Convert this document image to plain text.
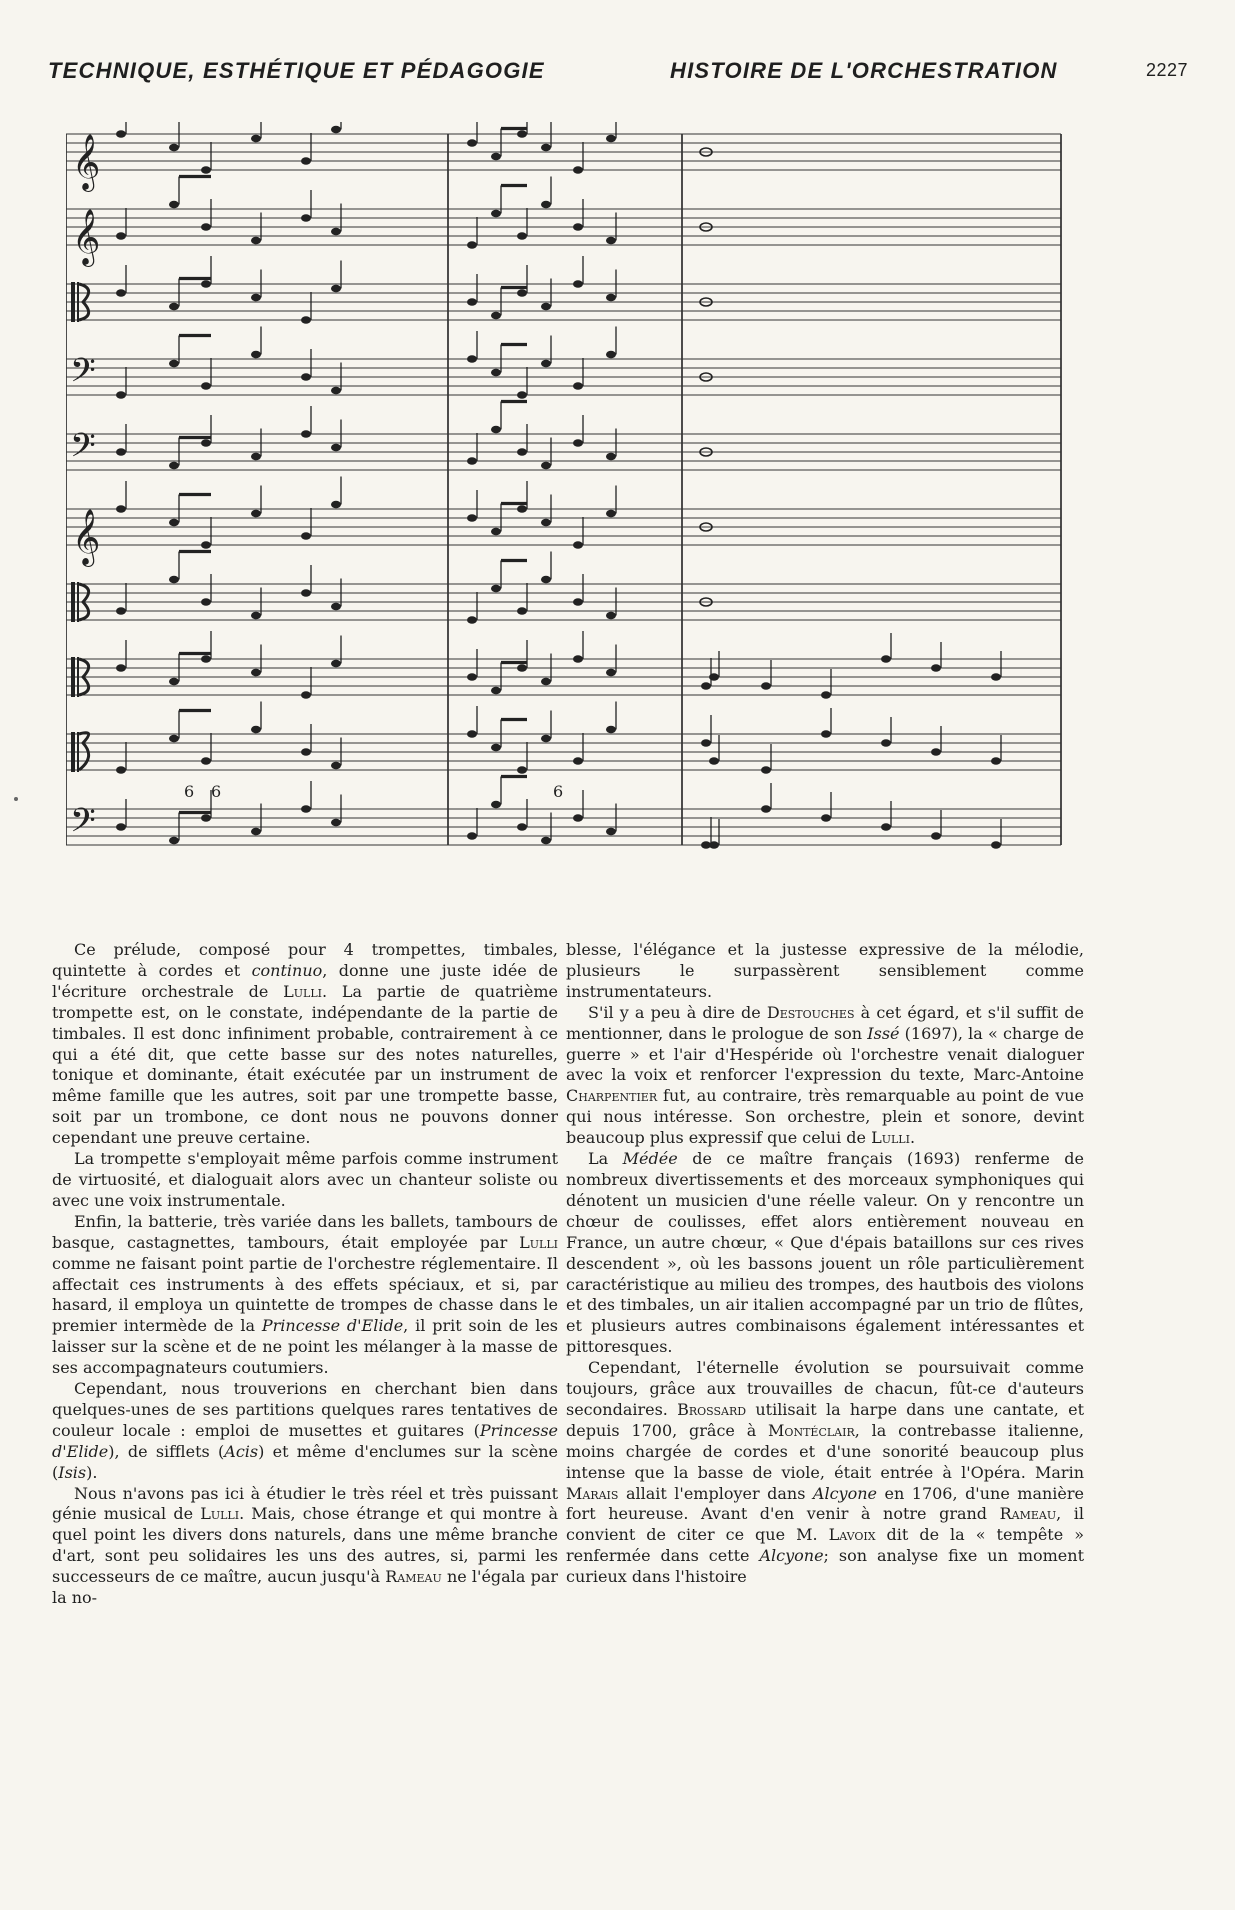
TECHNIQUE, ESTHÉTIQUE ET PÉDAGOGIE	HISTOIRE DE L'ORCHESTRATION	2227
𝄞
𝄞
𝄢
𝄢
𝄞
𝄢
6 6	6

Ce prélude, composé pour 4 trompettes, timbales, quintette à cordes et continuo, donne une juste idée de l'écriture orchestrale de Lulli. La partie de quatrième trompette est, on le constate, indépendante de la partie de timbales. Il est donc infiniment probable, contrairement à ce qui a été dit, que cette basse sur des notes naturelles, tonique et dominante, était exécutée par un instrument de même famille que les autres, soit par une trompette basse, soit par un trombone, ce dont nous ne pouvons donner cependant une preuve certaine.

La trompette s'employait même parfois comme instrument de virtuosité, et dialoguait alors avec un chanteur soliste ou avec une voix instrumentale.

Enfin, la batterie, très variée dans les ballets, tambours de basque, castagnettes, tambours, était employée par Lulli comme ne faisant point partie de l'orchestre réglementaire. Il affectait ces instruments à des effets spéciaux, et si, par hasard, il employa un quintette de trompes de chasse dans le premier intermède de la Princesse d'Elide, il prit soin de les laisser sur la scène et de ne point les mélanger à la masse de ses accompagnateurs coutumiers.

Cependant, nous trouverions en cherchant bien dans quelques-unes de ses partitions quelques rares tentatives de couleur locale : emploi de musettes et guitares (Princesse d'Elide), de sifflets (Acis) et même d'enclumes sur la scène (Isis).

Nous n'avons pas ici à étudier le très réel et très puissant génie musical de Lulli. Mais, chose étrange et qui montre à quel point les divers dons naturels, dans une même branche d'art, sont peu solidaires les uns des autres, si, parmi les successeurs de ce maître, aucun jusqu'à Rameau ne l'égala par la no-

blesse, l'élégance et la justesse expressive de la mélodie, plusieurs le surpassèrent sensiblement comme instrumentateurs.

S'il y a peu à dire de Destouches à cet égard, et s'il suffit de mentionner, dans le prologue de son Issé (1697), la « charge de guerre » et l'air d'Hespéride où l'orchestre venait dialoguer avec la voix et renforcer l'expression du texte, Marc-Antoine Charpentier fut, au contraire, très remarquable au point de vue qui nous intéresse. Son orchestre, plein et sonore, devint beaucoup plus expressif que celui de Lulli.

La Médée de ce maître français (1693) renferme de nombreux divertissements et des morceaux symphoniques qui dénotent un musicien d'une réelle valeur. On y rencontre un chœur de coulisses, effet alors entièrement nouveau en France, un autre chœur, « Que d'épais bataillons sur ces rives descendent », où les bassons jouent un rôle particulièrement caractéristique au milieu des trompes, des hautbois des violons et des timbales, un air italien accompagné par un trio de flûtes, et plusieurs autres combinaisons également intéressantes et pittoresques.

Cependant, l'éternelle évolution se poursuivait comme toujours, grâce aux trouvailles de chacun, fût-ce d'auteurs secondaires. Brossard utilisait la harpe dans une cantate, et depuis 1700, grâce à Montéclair, la contrebasse italienne, moins chargée de cordes et d'une sonorité beaucoup plus intense que la basse de viole, était entrée à l'Opéra. Marin Marais allait l'employer dans Alcyone en 1706, d'une manière fort heureuse. Avant d'en venir à notre grand Rameau, il convient de citer ce que M. Lavoix dit de la « tempête » renfermée dans cette Alcyone; son analyse fixe un moment curieux dans l'histoire
